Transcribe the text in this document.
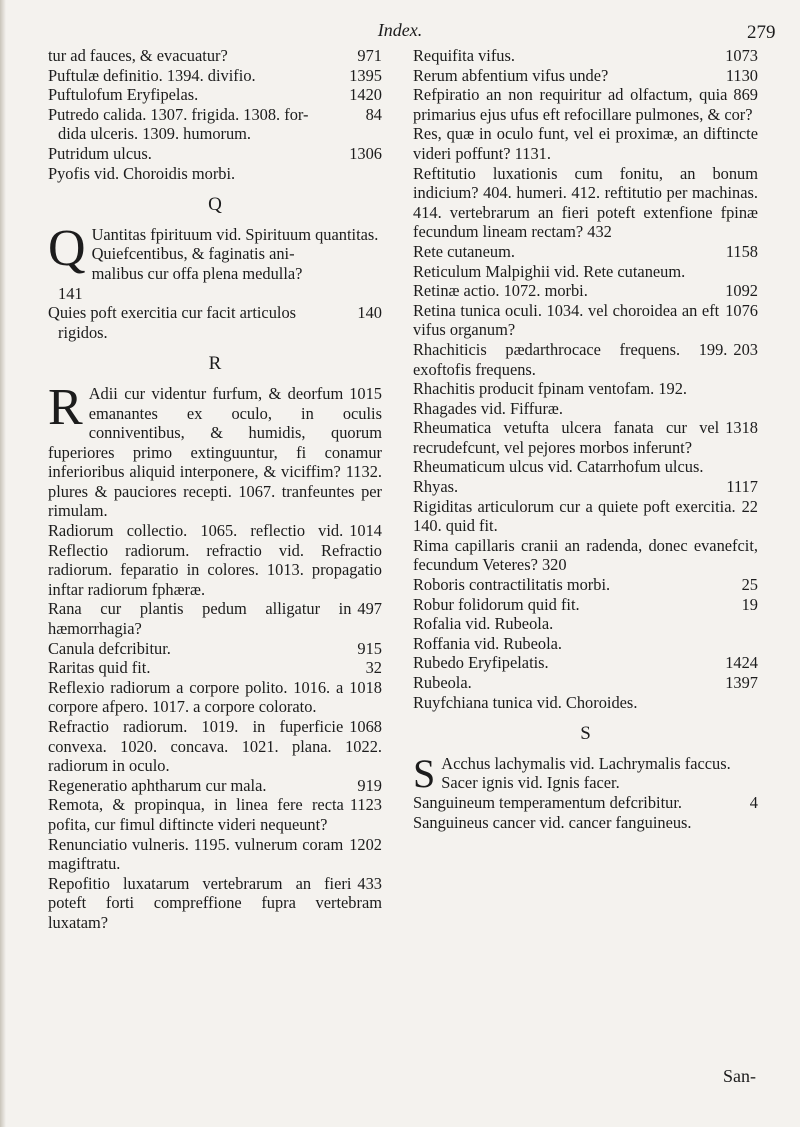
Index.	279
971
tur ad fauces, & evacuatur?
1395
Puftulæ definitio. 1394. divifio.
1420
Puftulofum Eryfipelas.
84
Putredo calida. 1307. frigida. 1308. for-

dida ulceris. 1309. humorum.
1306
Putridum ulcus.
Pyofis vid. Choroidis morbi.
Q
Q Uantitas fpirituum vid. Spirituum quantitas.
Quiefcentibus, & faginatis ani-

malibus cur offa plena medulla?
141
140
Quies poft exercitia cur facit articulos

rigidos.
R
R	1015
Adii cur videntur furfum, & deorfum emanantes ex oculo, in oculis conniventibus, & humidis, quorum fuperiores primo extinguuntur, fi conamur inferioribus aliquid interponere, & viciffim? 1132. plures & pauciores recepti. 1067. tranfeuntes per rimulam.
1014
Radiorum collectio. 1065. reflectio vid. Reflectio radiorum. refractio vid. Refractio radiorum. feparatio in colores. 1013. propagatio inftar radiorum fphæræ.
497
Rana cur plantis pedum alligatur in hæmorrhagia?
915
Canula defcribitur.
32
Raritas quid fit.
1018
Reflexio radiorum a corpore polito. 1016. a corpore afpero. 1017. a corpore colorato.
1068
Refractio radiorum. 1019. in fuperficie convexa. 1020. concava. 1021. plana. 1022. radiorum in oculo.
919
Regeneratio aphtharum cur mala.
1123
Remota, & propinqua, in linea fere recta pofita, cur fimul diftincte videri nequeunt?
1202
Renunciatio vulneris. 1195. vulnerum coram magiftratu.
433
Repofitio luxatarum vertebrarum an fieri poteft forti compreffione fupra vertebram luxatam?
1073
Requifita vifus.
1130
Rerum abfentium vifus unde?
869
Refpiratio an non requiritur ad olfactum, quia primarius ejus ufus eft refocillare pulmones, & cor?
Res, quæ in oculo funt, vel ei proximæ, an diftincte videri poffunt? 1131.
Reftitutio luxationis cum fonitu, an bonum indicium? 404. humeri. 412. reftitutio per machinas. 414. vertebrarum an fieri poteft extenfione fpinæ fecundum lineam rectam? 432
1158
Rete cutaneum.
Reticulum Malpighii vid. Rete cutaneum.
1092
Retinæ actio. 1072. morbi.
1076
Retina tunica oculi. 1034. vel choroidea an eft vifus organum?
203
Rhachiticis pædarthrocace frequens. 199. exoftofis frequens.
Rhachitis producit fpinam ventofam. 192.
Rhagades vid. Fiffuræ.
1318
Rheumatica vetufta ulcera fanata cur vel recrudefcunt, vel pejores morbos inferunt?
Rheumaticum ulcus vid. Catarrhofum ulcus.
1117
Rhyas.
22
Rigiditas articulorum cur a quiete poft exercitia. 140. quid fit.
Rima capillaris cranii an radenda, donec evanefcit, fecundum Veteres? 320
25
Roboris contractilitatis morbi.
19
Robur folidorum quid fit.
Rofalia vid. Rubeola.
Roffania vid. Rubeola.
1424
Rubedo Eryfipelatis.
1397
Rubeola.
Ruyfchiana tunica vid. Choroides.
S
S Acchus lachymalis vid. Lachrymalis faccus.
Sacer ignis vid. Ignis facer.
4
Sanguineum temperamentum defcribitur.
Sanguineus cancer vid. cancer fanguineus.
San-
